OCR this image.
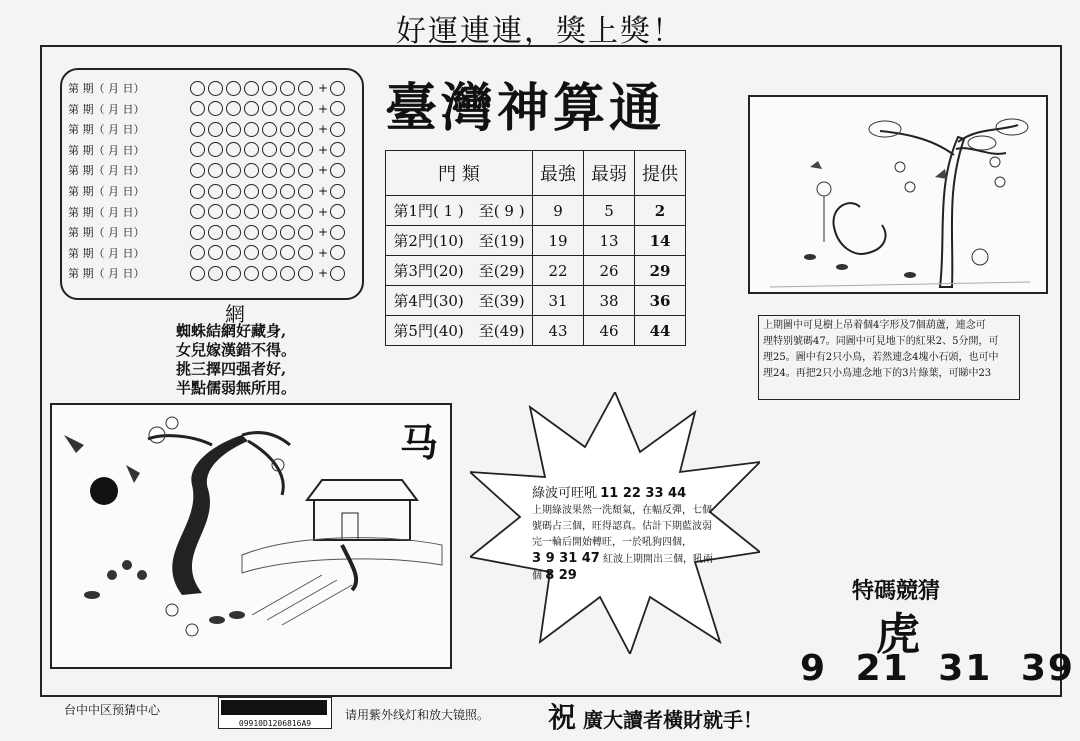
好運連連，獎上獎！
第 期（ 月 日）	+
第 期（ 月 日）	+
第 期（ 月 日）	+
第 期（ 月 日）	+
第 期（ 月 日）	+
第 期（ 月 日）	+
第 期（ 月 日）	+
第 期（ 月 日）	+
第 期（ 月 日）	+
第 期（ 月 日）	+
臺灣神算通
門 類	最強	最弱	提供
第1門( 1 )　至( 9 )	9	5	2
第2門(10)　至(19)	19	13	14
第3門(20)　至(29)	22	26	29
第4門(30)　至(39)	31	38	36
第5門(40)　至(49)	43	46	44
網
蜘蛛結網好藏身,
女兒嫁漢錯不得。
挑三擇四强者好,
半點儒弱無所用。
上期圖中可見樹上吊着個4字形及7個葫蘆，連念可
理特别號碼47。同圖中可見地下的紅果2、5分開，可
理25。圖中有2只小鳥，若然連念4塊小石頭，也可中
理24。再把2只小鳥連念地下的3片綠葉，可睇中23
马
綠波可旺吼 11 22 33 44
上期綠波果然一洗頹氣，在幅反彈，七個號碼占三個，旺得認真。估計下期藍波弱完一輪后開始轉旺，一於吼狗四個，
3 9 31 47 紅波上期開出三個，吼兩個 8 29
特碼競猜
虎
9 21 31 39
台中中区预猜中心
09910D1206816A9
请用紫外线灯和放大镜照。 祝 廣大讀者橫財就手！
